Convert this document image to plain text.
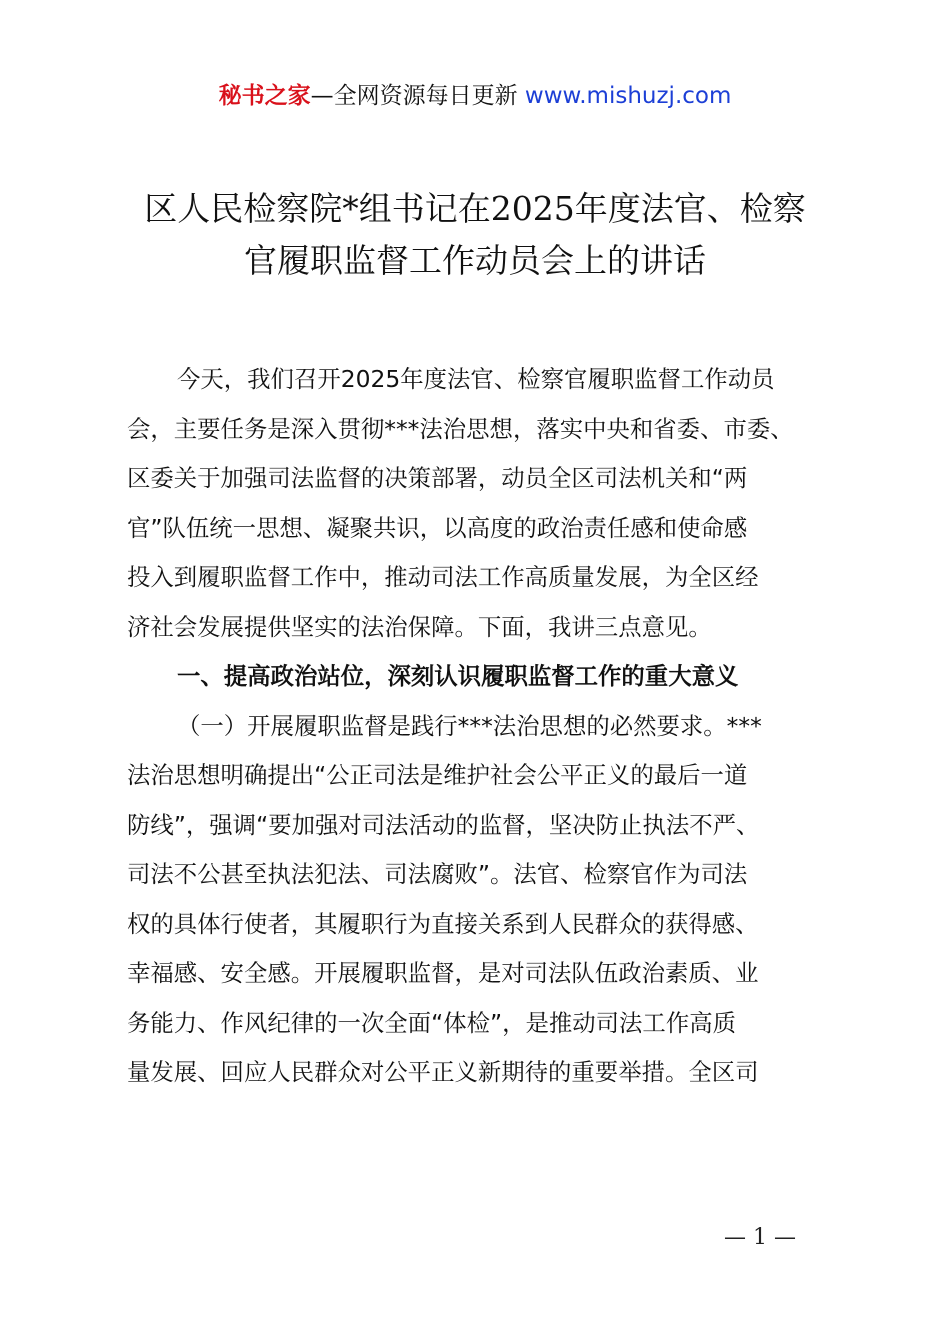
秘书之家—全网资源每日更新 www.mishuzj.com
区人民检察院*组书记在2025年度法官、检察
官履职监督工作动员会上的讲话
今天，我们召开2025年度法官、检察官履职监督工作动员
会，主要任务是深入贯彻***法治思想，落实中央和省委、市委、
区委关于加强司法监督的决策部署，动员全区司法机关和“两
官”队伍统一思想、凝聚共识，以高度的政治责任感和使命感
投入到履职监督工作中，推动司法工作高质量发展，为全区经
济社会发展提供坚实的法治保障。下面，我讲三点意见。
一、提高政治站位，深刻认识履职监督工作的重大意义
（一）开展履职监督是践行***法治思想的必然要求。***
法治思想明确提出“公正司法是维护社会公平正义的最后一道
防线”，强调“要加强对司法活动的监督，坚决防止执法不严、
司法不公甚至执法犯法、司法腐败”。法官、检察官作为司法
权的具体行使者，其履职行为直接关系到人民群众的获得感、
幸福感、安全感。开展履职监督，是对司法队伍政治素质、业
务能力、作风纪律的一次全面“体检”，是推动司法工作高质
量发展、回应人民群众对公平正义新期待的重要举措。全区司
— 1 —
